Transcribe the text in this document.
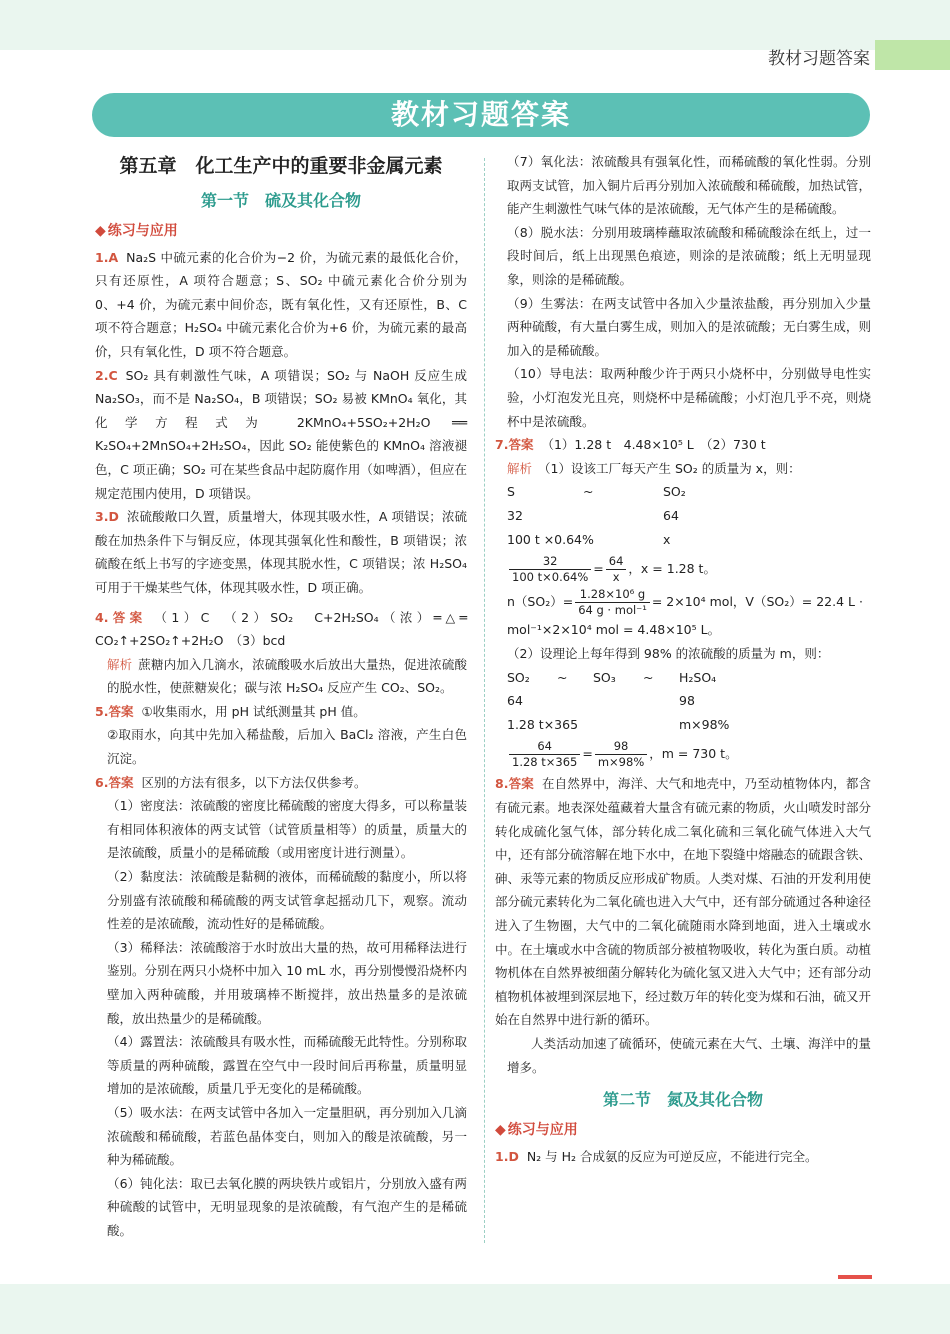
教材习题答案
教材习题答案
第五章　化工生产中的重要非金属元素
第一节　硫及其化合物
◆ 练习与应用

1.A Na₂S 中硫元素的化合价为−2 价，为硫元素的最低化合价，只有还原性，A 项符合题意；S、SO₂ 中硫元素化合价分别为 0、+4 价，为硫元素中间价态，既有氧化性，又有还原性，B、C 项不符合题意；H₂SO₄ 中硫元素化合价为+6 价，为硫元素的最高价，只有氧化性，D 项不符合题意。

2.C SO₂ 具有刺激性气味，A 项错误；SO₂ 与 NaOH 反应生成 Na₂SO₃，而不是 Na₂SO₄，B 项错误；SO₂ 易被 KMnO₄ 氧化，其化学方程式为 2KMnO₄+5SO₂+2H₂O ══ K₂SO₄+2MnSO₄+2H₂SO₄，因此 SO₂ 能使紫色的 KMnO₄ 溶液褪色，C 项正确；SO₂ 可在某些食品中起防腐作用（如啤酒），但应在规定范围内使用，D 项错误。

3.D 浓硫酸敞口久置，质量增大，体现其吸水性，A 项错误；浓硫酸在加热条件下与铜反应，体现其强氧化性和酸性，B 项错误；浓硫酸在纸上书写的字迹变黑，体现其脱水性，C 项错误；浓 H₂SO₄ 可用于干燥某些气体，体现其吸水性，D 项正确。

4.答案 （1）C　（2）SO₂　C+2H₂SO₄（浓）═△═ CO₂↑+2SO₂↑+2H₂O　（3）bcd

解析 蔗糖内加入几滴水，浓硫酸吸水后放出大量热，促进浓硫酸的脱水性，使蔗糖炭化；碳与浓 H₂SO₄ 反应产生 CO₂、SO₂。

5.答案 ①收集雨水，用 pH 试纸测量其 pH 值。

②取雨水，向其中先加入稀盐酸，后加入 BaCl₂ 溶液，产生白色沉淀。

6.答案 区别的方法有很多，以下方法仅供参考。

（1）密度法：浓硫酸的密度比稀硫酸的密度大得多，可以称量装有相同体积液体的两支试管（试管质量相等）的质量，质量大的是浓硫酸，质量小的是稀硫酸（或用密度计进行测量）。

（2）黏度法：浓硫酸是黏稠的液体，而稀硫酸的黏度小，所以将分别盛有浓硫酸和稀硫酸的两支试管拿起摇动几下，观察。流动性差的是浓硫酸，流动性好的是稀硫酸。

（3）稀释法：浓硫酸溶于水时放出大量的热，故可用稀释法进行鉴别。分别在两只小烧杯中加入 10 mL 水，再分别慢慢沿烧杯内壁加入两种硫酸，并用玻璃棒不断搅拌，放出热量多的是浓硫酸，放出热量少的是稀硫酸。

（4）露置法：浓硫酸具有吸水性，而稀硫酸无此特性。分别称取等质量的两种硫酸，露置在空气中一段时间后再称量，质量明显增加的是浓硫酸，质量几乎无变化的是稀硫酸。

（5）吸水法：在两支试管中各加入一定量胆矾，再分别加入几滴浓硫酸和稀硫酸，若蓝色晶体变白，则加入的酸是浓硫酸，另一种为稀硫酸。

（6）钝化法：取已去氧化膜的两块铁片或铝片，分别放入盛有两种硫酸的试管中，无明显现象的是浓硫酸，有气泡产生的是稀硫酸。

（7）氧化法：浓硫酸具有强氧化性，而稀硫酸的氧化性弱。分别取两支试管，加入铜片后再分别加入浓硫酸和稀硫酸，加热试管，能产生刺激性气味气体的是浓硫酸，无气体产生的是稀硫酸。

（8）脱水法：分别用玻璃棒蘸取浓硫酸和稀硫酸涂在纸上，过一段时间后，纸上出现黑色痕迹，则涂的是浓硫酸；纸上无明显现象，则涂的是稀硫酸。

（9）生雾法：在两支试管中各加入少量浓盐酸，再分别加入少量两种硫酸，有大量白雾生成，则加入的是浓硫酸；无白雾生成，则加入的是稀硫酸。

（10）导电法：取两种酸少许于两只小烧杯中，分别做导电性实验，小灯泡发光且亮，则烧杯中是稀硫酸；小灯泡几乎不亮，则烧杯中是浓硫酸。

7.答案 （1）1.28 t　4.48×10⁵ L　（2）730 t

解析 （1）设该工厂每天产生 SO₂ 的质量为 x，则：

S	~	SO₂
32	64
100 t ×0.64%	x
$\frac{32}{100 t\times 0.64\%} = \frac{64}{x}$ ，x = 1.28 t。
$n(SO_2)= \frac{\text{1.28×10⁶ g}}{\text{64 g · mol⁻¹}} = 2\times 10^4$ mol，V（SO₂）= 22.4 L · mol⁻¹×2×10⁴ mol = 4.48×10⁵ L。

（2）设理论上每年得到 98% 的浓硫酸的质量为 m，则：

SO₂	~	SO₃	~	H₂SO₄
64	98
1.28 t×365	m×98%
$\frac{64}{1.28 t\times 365} = \frac{98}{m\times 98\%}$ ，m = 730 t。

8.答案 在自然界中，海洋、大气和地壳中，乃至动植物体内，都含有硫元素。地表深处蕴藏着大量含有硫元素的物质，火山喷发时部分转化成硫化氢气体，部分转化成二氧化硫和三氧化硫气体进入大气中，还有部分硫溶解在地下水中，在地下裂缝中熔融态的硫跟含铁、砷、汞等元素的物质反应形成矿物质。人类对煤、石油的开发利用使部分硫元素转化为二氧化硫也进入大气中，还有部分硫通过各种途径进入了生物圈，大气中的二氧化硫随雨水降到地面，进入土壤或水中。在土壤或水中含硫的物质部分被植物吸收，转化为蛋白质。动植物机体在自然界被细菌分解转化为硫化氢又进入大气中；还有部分动植物机体被埋到深层地下，经过数万年的转化变为煤和石油，硫又开始在自然界中进行新的循环。

人类活动加速了硫循环，使硫元素在大气、土壤、海洋中的量增多。

第二节　氮及其化合物
◆ 练习与应用

1.D N₂ 与 H₂ 合成氨的反应为可逆反应，不能进行完全。
